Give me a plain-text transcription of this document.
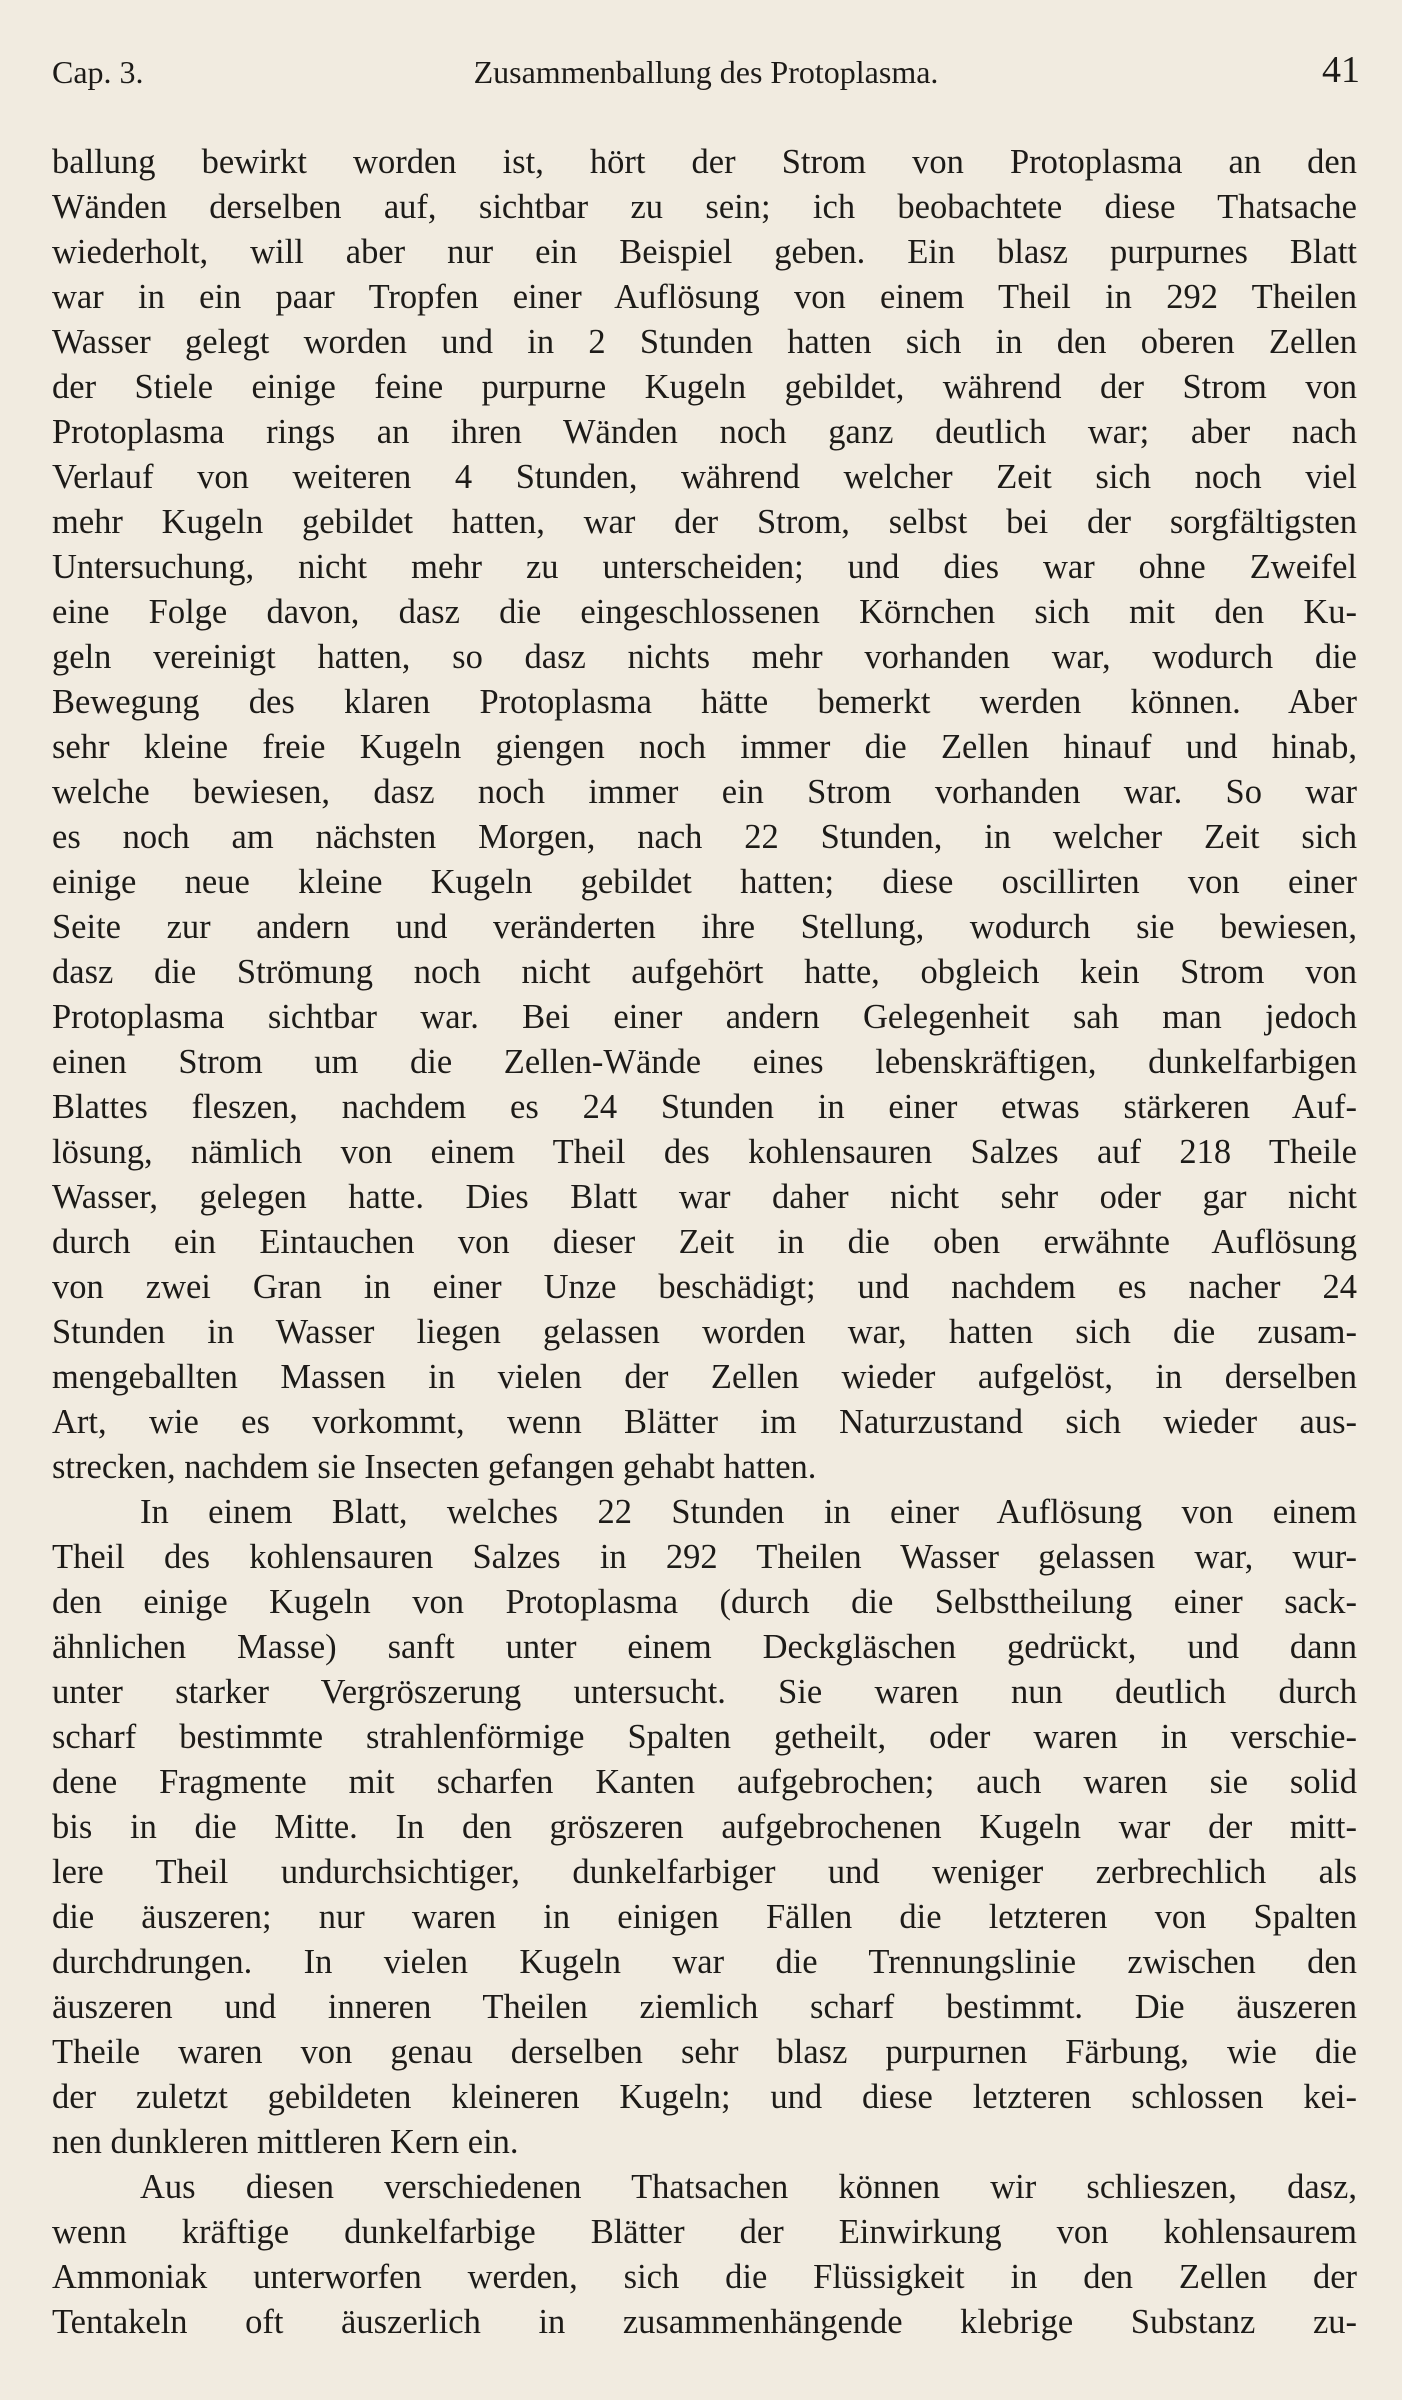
Cap. 3.	Zusammenballung des Protoplasma.	41
ballung bewirkt worden ist, hört der Strom von Protoplasma an den
Wänden derselben auf, sichtbar zu sein; ich beobachtete diese Thatsache
wiederholt, will aber nur ein Beispiel geben. Ein blasz purpurnes Blatt
war in ein paar Tropfen einer Auflösung von einem Theil in 292 Theilen
Wasser gelegt worden und in 2 Stunden hatten sich in den oberen Zellen
der Stiele einige feine purpurne Kugeln gebildet, während der Strom von
Protoplasma rings an ihren Wänden noch ganz deutlich war; aber nach
Verlauf von weiteren 4 Stunden, während welcher Zeit sich noch viel
mehr Kugeln gebildet hatten, war der Strom, selbst bei der sorgfältigsten
Untersuchung, nicht mehr zu unterscheiden; und dies war ohne Zweifel
eine Folge davon, dasz die eingeschlossenen Körnchen sich mit den Ku-
geln vereinigt hatten, so dasz nichts mehr vorhanden war, wodurch die
Bewegung des klaren Protoplasma hätte bemerkt werden können. Aber
sehr kleine freie Kugeln giengen noch immer die Zellen hinauf und hinab,
welche bewiesen, dasz noch immer ein Strom vorhanden war. So war
es noch am nächsten Morgen, nach 22 Stunden, in welcher Zeit sich
einige neue kleine Kugeln gebildet hatten; diese oscillirten von einer
Seite zur andern und veränderten ihre Stellung, wodurch sie bewiesen,
dasz die Strömung noch nicht aufgehört hatte, obgleich kein Strom von
Protoplasma sichtbar war. Bei einer andern Gelegenheit sah man jedoch
einen Strom um die Zellen-Wände eines lebenskräftigen, dunkelfarbigen
Blattes fleszen, nachdem es 24 Stunden in einer etwas stärkeren Auf-
lösung, nämlich von einem Theil des kohlensauren Salzes auf 218 Theile
Wasser, gelegen hatte. Dies Blatt war daher nicht sehr oder gar nicht
durch ein Eintauchen von dieser Zeit in die oben erwähnte Auflösung
von zwei Gran in einer Unze beschädigt; und nachdem es nacher 24
Stunden in Wasser liegen gelassen worden war, hatten sich die zusam-
mengeballten Massen in vielen der Zellen wieder aufgelöst, in derselben
Art, wie es vorkommt, wenn Blätter im Naturzustand sich wieder aus-
strecken, nachdem sie Insecten gefangen gehabt hatten.
In einem Blatt, welches 22 Stunden in einer Auflösung von einem
Theil des kohlensauren Salzes in 292 Theilen Wasser gelassen war, wur-
den einige Kugeln von Protoplasma (durch die Selbsttheilung einer sack-
ähnlichen Masse) sanft unter einem Deckgläschen gedrückt, und dann
unter starker Vergröszerung untersucht. Sie waren nun deutlich durch
scharf bestimmte strahlenförmige Spalten getheilt, oder waren in verschie-
dene Fragmente mit scharfen Kanten aufgebrochen; auch waren sie solid
bis in die Mitte. In den gröszeren aufgebrochenen Kugeln war der mitt-
lere Theil undurchsichtiger, dunkelfarbiger und weniger zerbrechlich als
die äuszeren; nur waren in einigen Fällen die letzteren von Spalten
durchdrungen. In vielen Kugeln war die Trennungslinie zwischen den
äuszeren und inneren Theilen ziemlich scharf bestimmt. Die äuszeren
Theile waren von genau derselben sehr blasz purpurnen Färbung, wie die
der zuletzt gebildeten kleineren Kugeln; und diese letzteren schlossen kei-
nen dunkleren mittleren Kern ein.
Aus diesen verschiedenen Thatsachen können wir schlieszen, dasz,
wenn kräftige dunkelfarbige Blätter der Einwirkung von kohlensaurem
Ammoniak unterworfen werden, sich die Flüssigkeit in den Zellen der
Tentakeln oft äuszerlich in zusammenhängende klebrige Substanz zu-
